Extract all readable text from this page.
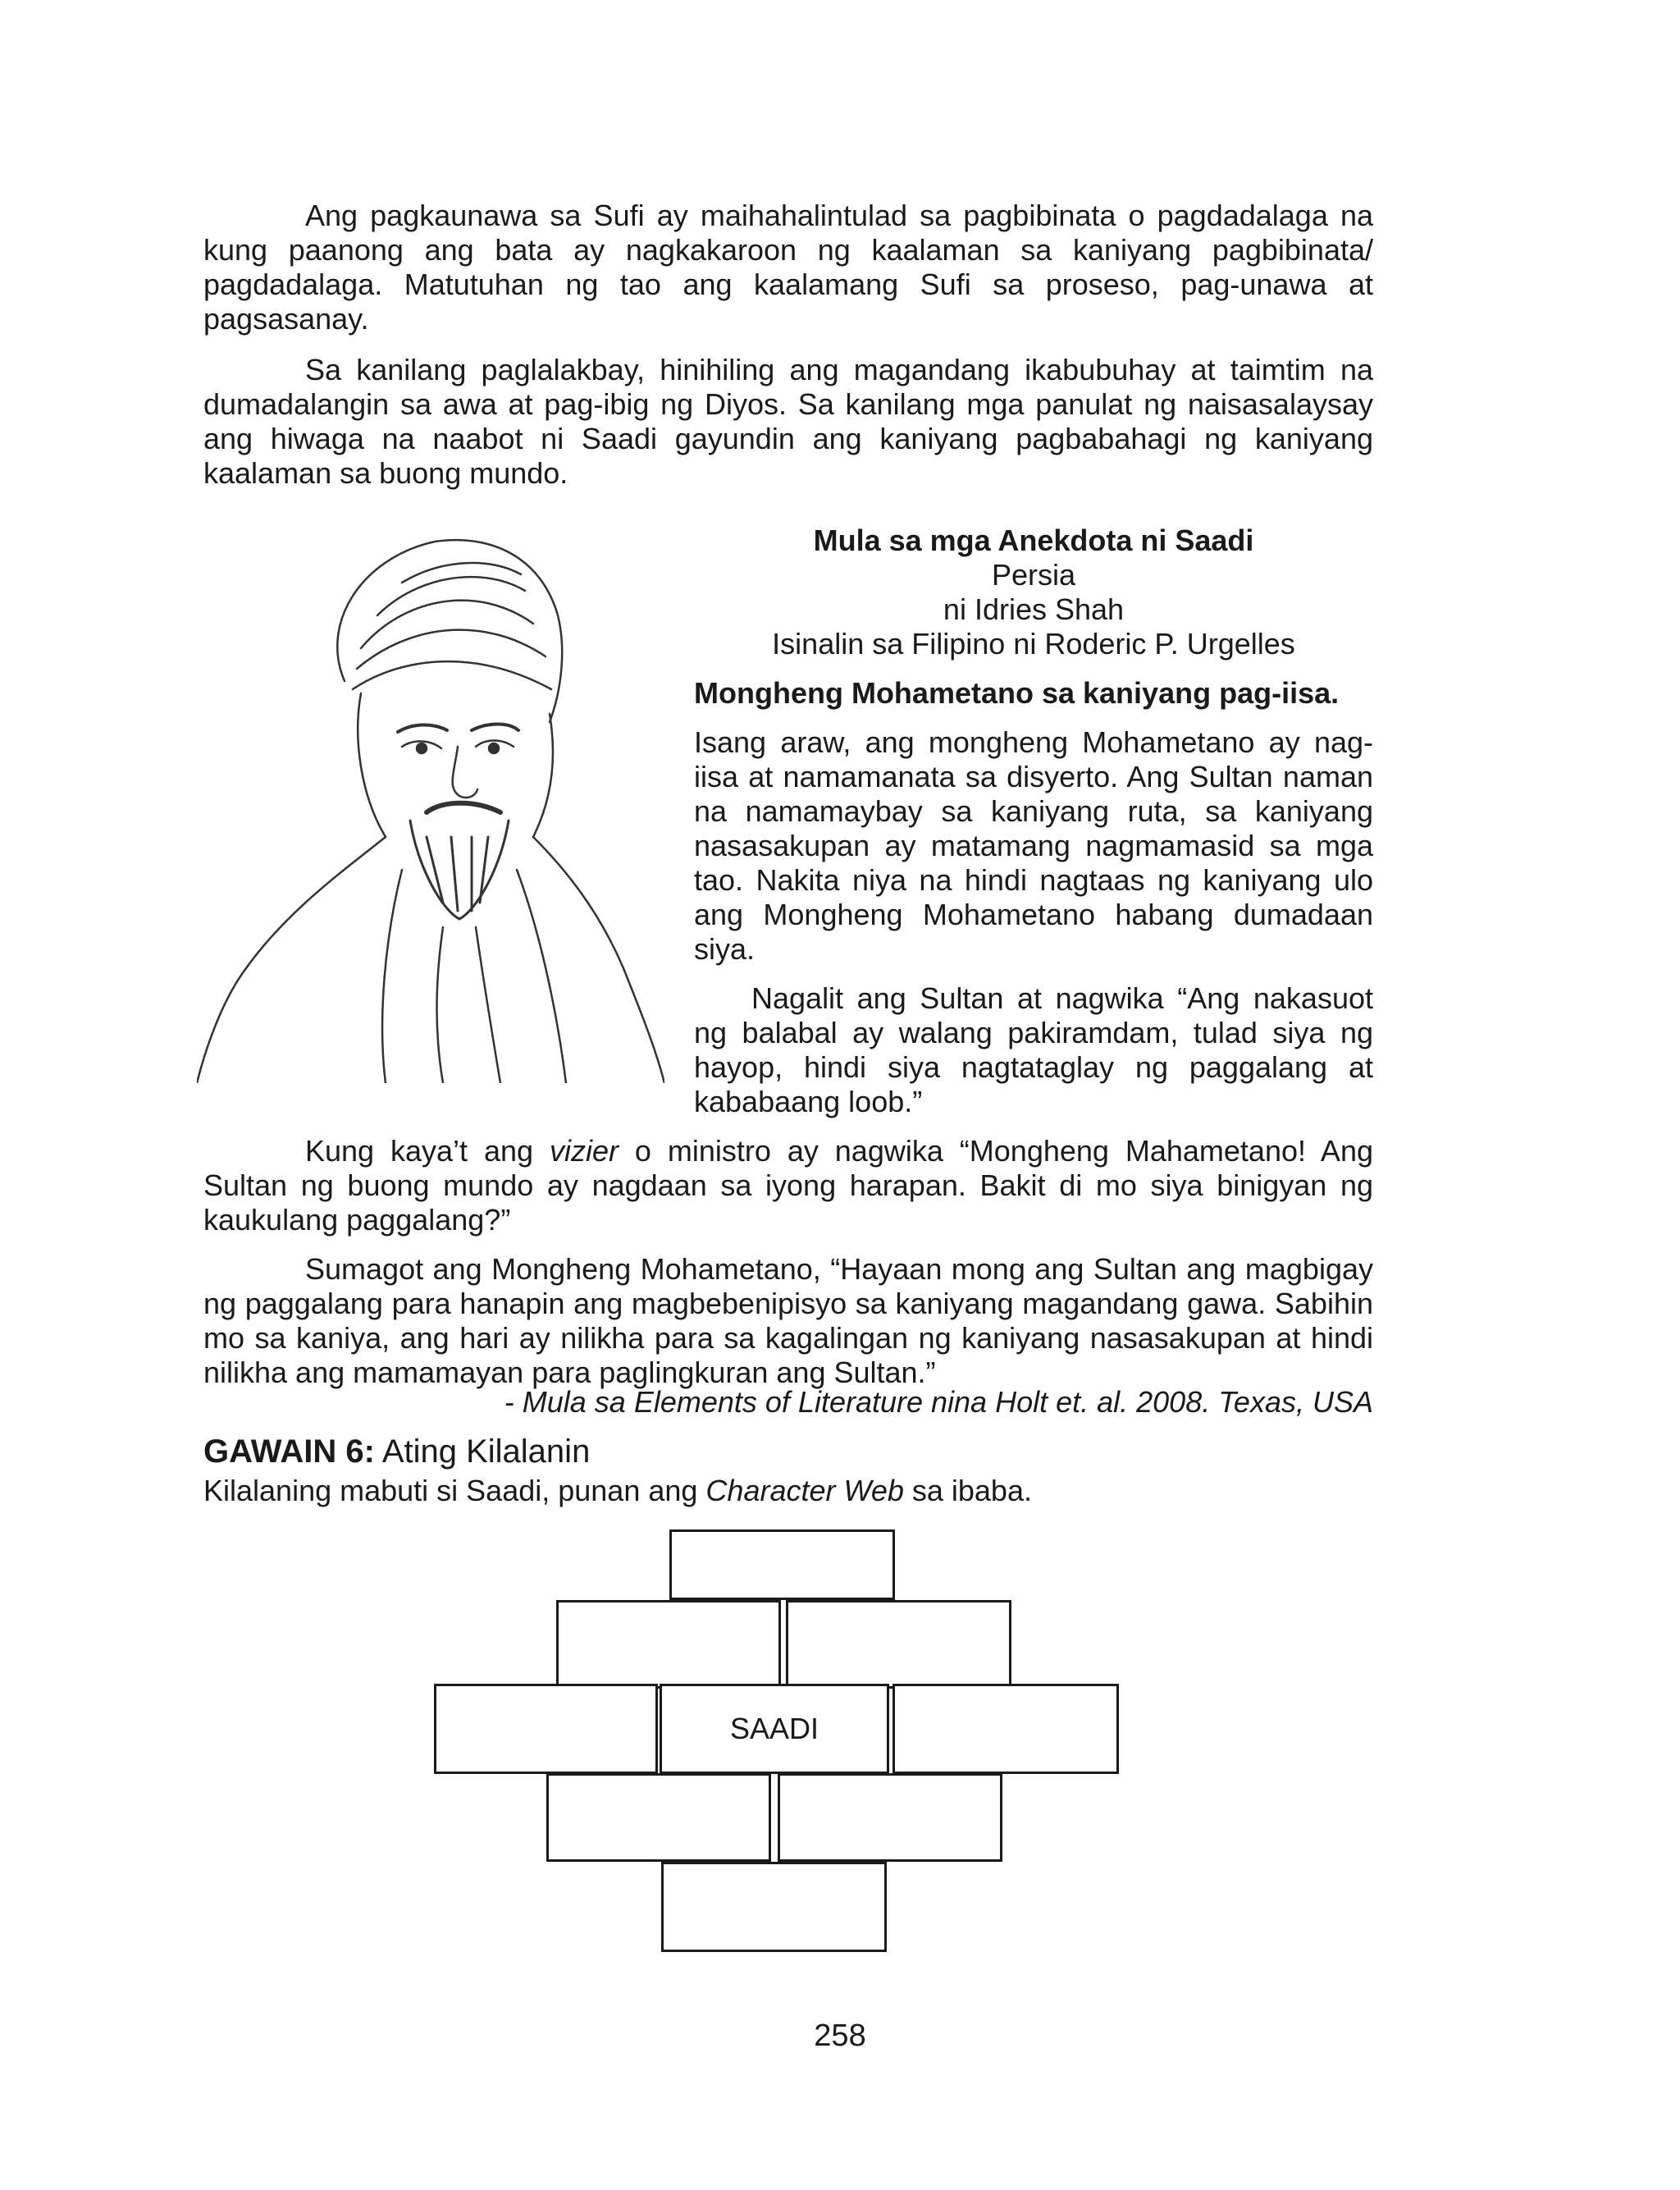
Ang pagkaunawa sa Sufi ay maihahalintulad sa pagbibinata o pagdadalaga na kung paanong ang bata ay nagkakaroon ng kaalaman sa kaniyang pagbibinata/ pagdadalaga. Matutuhan ng tao ang kaalamang Sufi sa proseso, pag-unawa at pagsasanay.

Sa kanilang paglalakbay, hinihiling ang magandang ikabubuhay at taimtim na dumadalangin sa awa at pag-ibig ng Diyos. Sa kanilang mga panulat ng naisasalaysay ang hiwaga na naabot ni Saadi gayundin ang kaniyang pagbabahagi ng kaniyang kaalaman sa buong mundo.

Mula sa mga Anekdota ni Saadi
Persia
ni Idries Shah
Isinalin sa Filipino ni Roderic P. Urgelles

Mongheng Mohametano sa kaniyang pag-iisa.

Isang araw, ang mongheng Mohametano ay nag-iisa at namamanata sa disyerto. Ang Sultan naman na namamaybay sa kaniyang ruta, sa kaniyang nasasakupan ay matamang nagmamasid sa mga tao. Nakita niya na hindi nagtaas ng kaniyang ulo ang Mongheng Mohametano habang dumadaan siya.

Nagalit ang Sultan at nagwika “Ang nakasuot ng balabal ay walang pakiramdam, tulad siya ng hayop, hindi siya nagtataglay ng paggalang at kababaang loob.”

Kung kaya’t ang vizier o ministro ay nagwika “Mongheng Mahametano! Ang Sultan ng buong mundo ay nagdaan sa iyong harapan. Bakit di mo siya binigyan ng kaukulang paggalang?”

Sumagot ang Mongheng Mohametano, “Hayaan mong ang Sultan ang magbigay ng paggalang para hanapin ang magbebenipisyo sa kaniyang magandang gawa. Sabihin mo sa kaniya, ang hari ay nilikha para sa kagalingan ng kaniyang nasasakupan at hindi nilikha ang mamamayan para paglingkuran ang Sultan.”

- Mula sa Elements of Literature nina Holt et. al. 2008. Texas, USA
GAWAIN 6: Ating Kilalanin
Kilalaning mabuti si Saadi, punan ang Character Web sa ibaba.
SAADI
258
